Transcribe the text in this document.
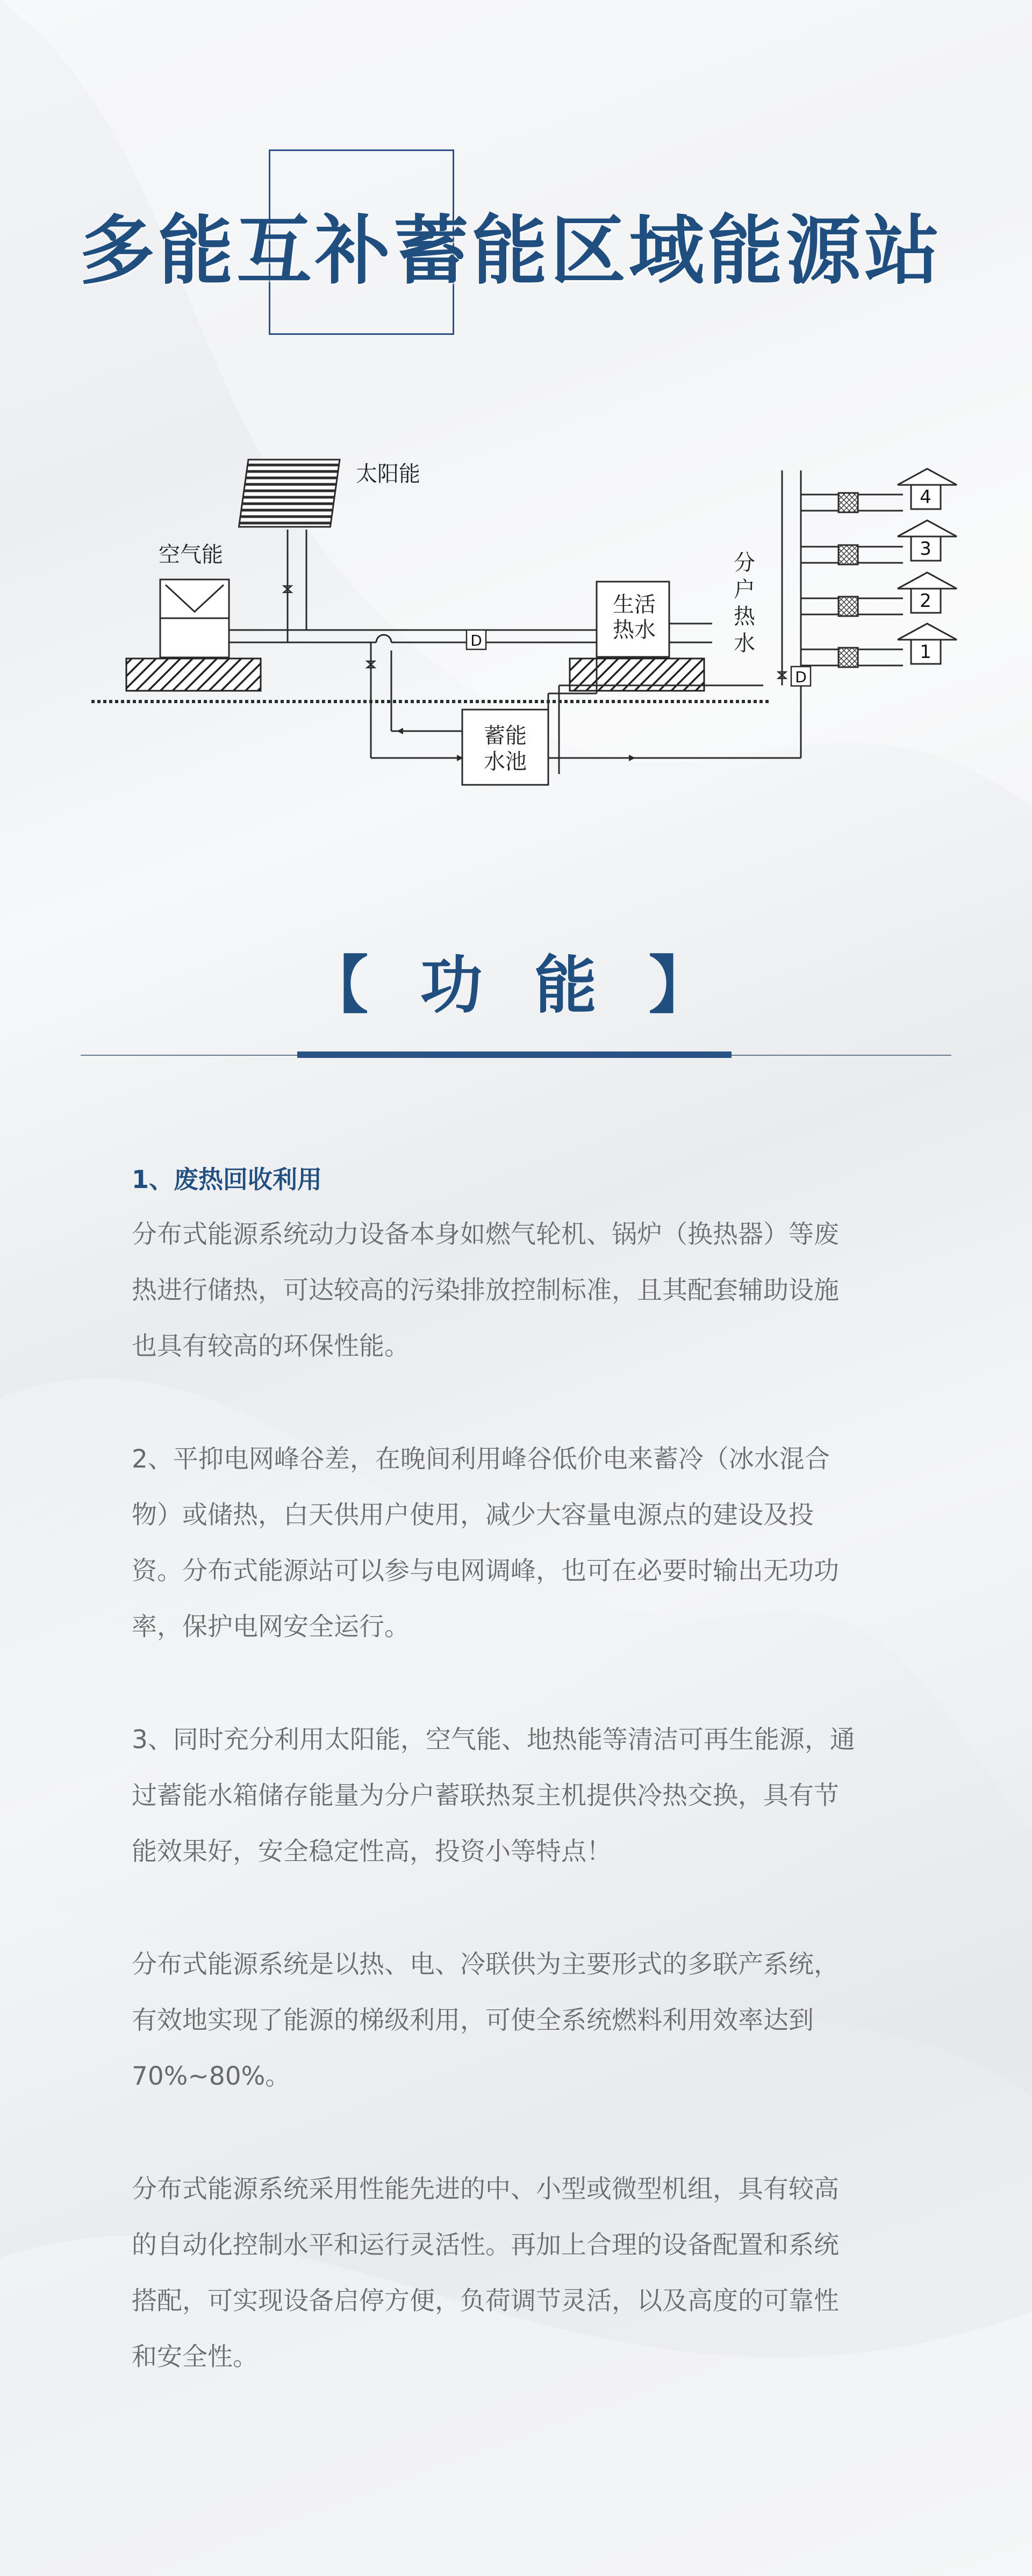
多能互补蓄能区域能源站
太阳能
空气能
生活
热水
蓄能
水池
分
户
热
水
D
D
4
3
2
1
【 功 能 】
1、废热回收利用
分布式能源系统动力设备本身如燃气轮机、锅炉（换热器）等废
热进行储热，可达较高的污染排放控制标准，且其配套辅助设施
也具有较高的环保性能。
2、平抑电网峰谷差，在晚间利用峰谷低价电来蓄冷（冰水混合
物）或储热，白天供用户使用，减少大容量电源点的建设及投
资。分布式能源站可以参与电网调峰，也可在必要时输出无功功
率，保护电网安全运行。
3、同时充分利用太阳能，空气能、地热能等清洁可再生能源，通
过蓄能水箱储存能量为分户蓄联热泵主机提供冷热交换，具有节
能效果好，安全稳定性高，投资小等特点！
分布式能源系统是以热、电、冷联供为主要形式的多联产系统，
有效地实现了能源的梯级利用，可使全系统燃料利用效率达到
70%~80%。
分布式能源系统采用性能先进的中、小型或微型机组，具有较高
的自动化控制水平和运行灵活性。再加上合理的设备配置和系统
搭配，可实现设备启停方便，负荷调节灵活，以及高度的可靠性
和安全性。
